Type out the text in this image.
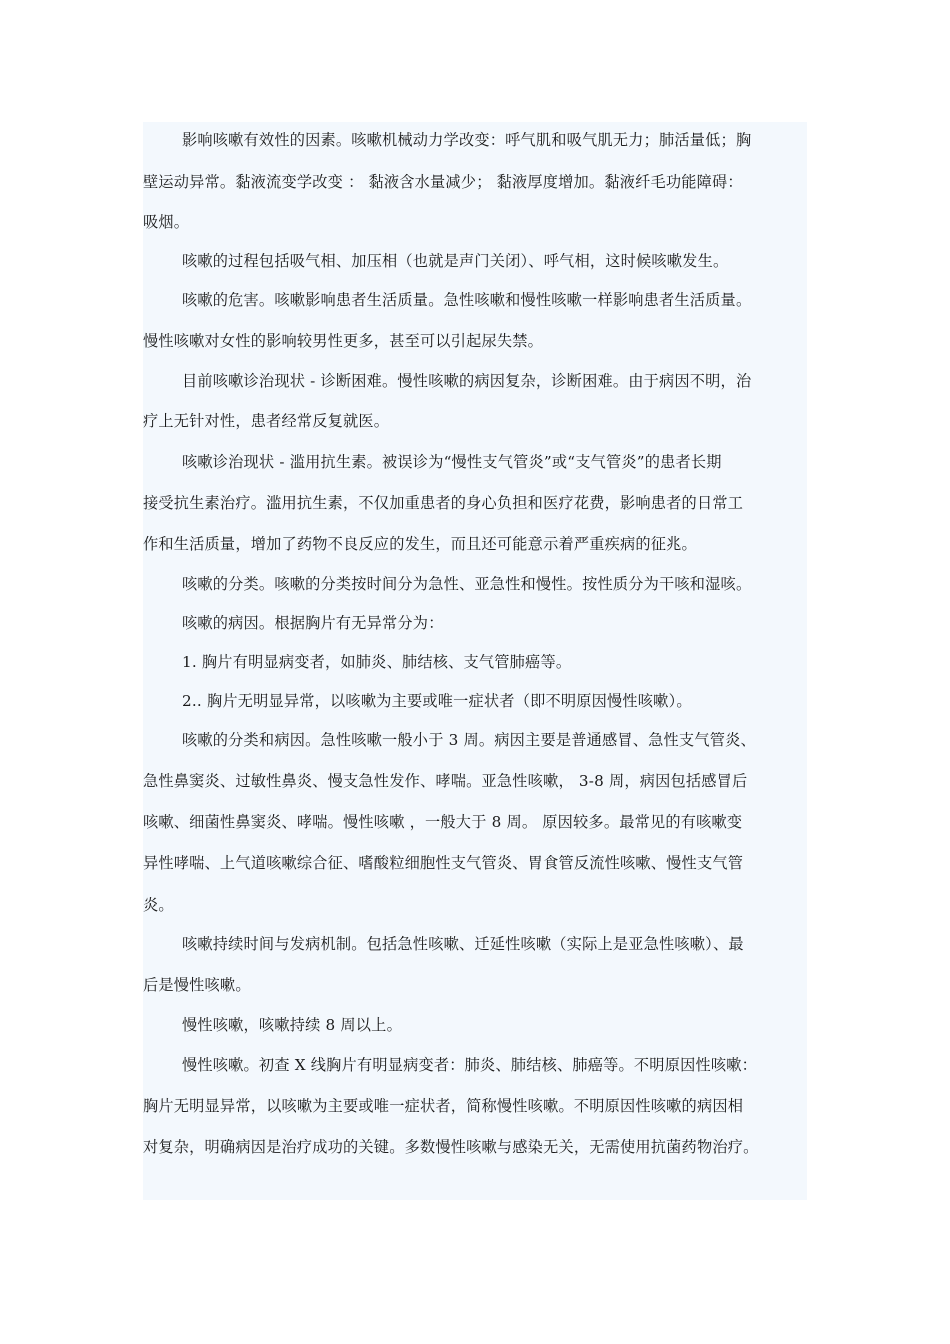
影响咳嗽有效性的因素。咳嗽机械动力学改变：呼气肌和吸气肌无力；肺活量低；胸
壁运动异常。黏液流变学改变 ： 黏液含水量减少； 黏液厚度增加。黏液纤毛功能障碍：
吸烟。
咳嗽的过程包括吸气相、加压相（也就是声门关闭）、呼气相，这时候咳嗽发生。
咳嗽的危害。咳嗽影响患者生活质量。急性咳嗽和慢性咳嗽一样影响患者生活质量。
慢性咳嗽对女性的影响较男性更多，甚至可以引起尿失禁。
目前咳嗽诊治现状 - 诊断困难。慢性咳嗽的病因复杂，诊断困难。由于病因不明，治
疗上无针对性，患者经常反复就医。
咳嗽诊治现状 - 滥用抗生素。被误诊为“慢性支气管炎”或“支气管炎”的患者长期
接受抗生素治疗。滥用抗生素，不仅加重患者的身心负担和医疗花费，影响患者的日常工
作和生活质量，增加了药物不良反应的发生，而且还可能意示着严重疾病的征兆。
咳嗽的分类。咳嗽的分类按时间分为急性、亚急性和慢性。按性质分为干咳和湿咳。
咳嗽的病因。根据胸片有无异常分为：
1. 胸片有明显病变者，如肺炎、肺结核、支气管肺癌等。
2.. 胸片无明显异常，以咳嗽为主要或唯一症状者（即不明原因慢性咳嗽）。
咳嗽的分类和病因。急性咳嗽一般小于 3 周。病因主要是普通感冒、急性支气管炎、
急性鼻窦炎、过敏性鼻炎、慢支急性发作、哮喘。亚急性咳嗽， 3-8 周，病因包括感冒后
咳嗽、细菌性鼻窦炎、哮喘。慢性咳嗽 ，一般大于 8 周。 原因较多。最常见的有咳嗽变
异性哮喘、上气道咳嗽综合征、嗜酸粒细胞性支气管炎、胃食管反流性咳嗽、慢性支气管
炎。
咳嗽持续时间与发病机制。包括急性咳嗽、迁延性咳嗽（实际上是亚急性咳嗽）、最
后是慢性咳嗽。
慢性咳嗽，咳嗽持续 8 周以上。
慢性咳嗽。初查 X 线胸片有明显病变者：肺炎、肺结核、肺癌等。不明原因性咳嗽：
胸片无明显异常，以咳嗽为主要或唯一症状者，简称慢性咳嗽。不明原因性咳嗽的病因相
对复杂，明确病因是治疗成功的关键。多数慢性咳嗽与感染无关，无需使用抗菌药物治疗。
